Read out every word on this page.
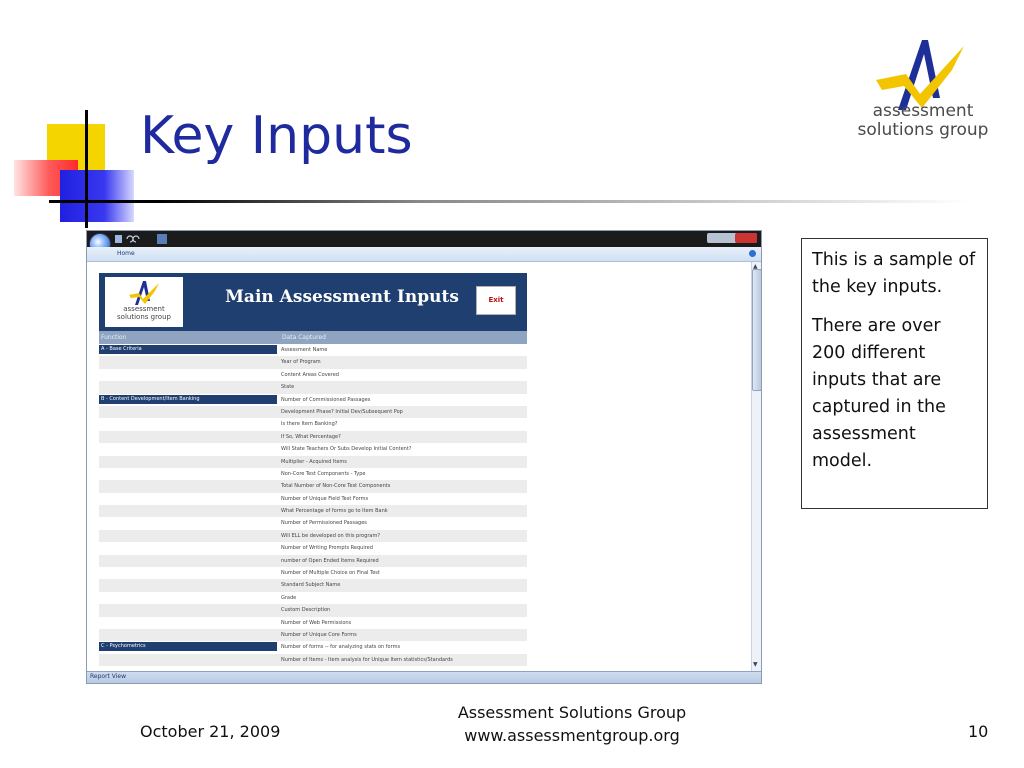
Key Inputs	assessment
solutions group
Home
assessment
solutions group
Main Assessment Inputs	Exit
Function	Data Captured
A - Base Criteria	Assessment Name
Year of Program
Content Areas Covered
State
B - Content Development/Item Banking	Number of Commissioned Passages
Development Phase? Initial Dev/Subsequent Pop
Is there Item Banking?
If So, What Percentage?
Will State Teachers Or Subs Develop Initial Content?
Multiplier - Acquired Items
Non-Core Test Components - Type
Total Number of Non-Core Test Components
Number of Unique Field Test Forms
What Percentage of forms go to Item Bank
Number of Permissioned Passages
Will ELL be developed on this program?
Number of Writing Prompts Required
number of Open Ended Items Required
Number of Multiple Choice on Final Test
Standard Subject Name
Grade
Custom Description
Number of Web Permissions
Number of Unique Core Forms
C - Psychometrics	Number of forms -- for analyzing stats on forms
Number of Items - Item analysis for Unique Item statistics/Standards
▲
▼
Report View

This is a sample of the key inputs.

There are over 200 different inputs that are captured in the assessment model.

October 21, 2009
Assessment Solutions Group
www.assessmentgroup.org	10
